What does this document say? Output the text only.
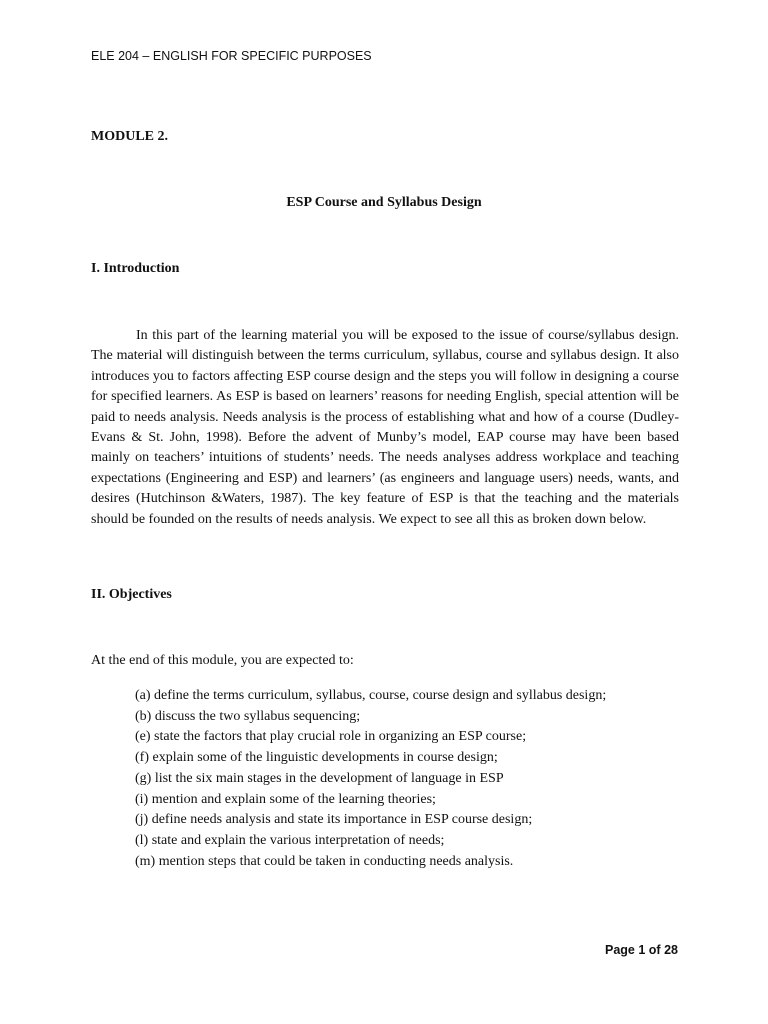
ELE 204 – ENGLISH FOR SPECIFIC PURPOSES
MODULE 2.
ESP Course and Syllabus Design
I. Introduction

In this part of the learning material you will be exposed to the issue of course/syllabus design. The material will distinguish between the terms curriculum, syllabus, course and syllabus design. It also introduces you to factors affecting ESP course design and the steps you will follow in designing a course for specified learners. As ESP is based on learners’ reasons for needing English, special attention will be paid to needs analysis. Needs analysis is the process of establishing what and how of a course (Dudley-Evans & St. John, 1998). Before the advent of Munby’s model, EAP course may have been based mainly on teachers’ intuitions of students’ needs. The needs analyses address workplace and teaching expectations (Engineering and ESP) and learners’ (as engineers and language users) needs, wants, and desires (Hutchinson &Waters, 1987). The key feature of ESP is that the teaching and the materials should be founded on the results of needs analysis. We expect to see all this as broken down below.

II. Objectives
At the end of this module, you are expected to:
(a) define the terms curriculum, syllabus, course, course design and syllabus design;
(b) discuss the two syllabus sequencing;
(e) state the factors that play crucial role in organizing an ESP course;
(f) explain some of the linguistic developments in course design;
(g) list the six main stages in the development of language in ESP
(i) mention and explain some of the learning theories;
(j) define needs analysis and state its importance in ESP course design;
(l) state and explain the various interpretation of needs;
(m) mention steps that could be taken in conducting needs analysis.
Page 1 of 28
